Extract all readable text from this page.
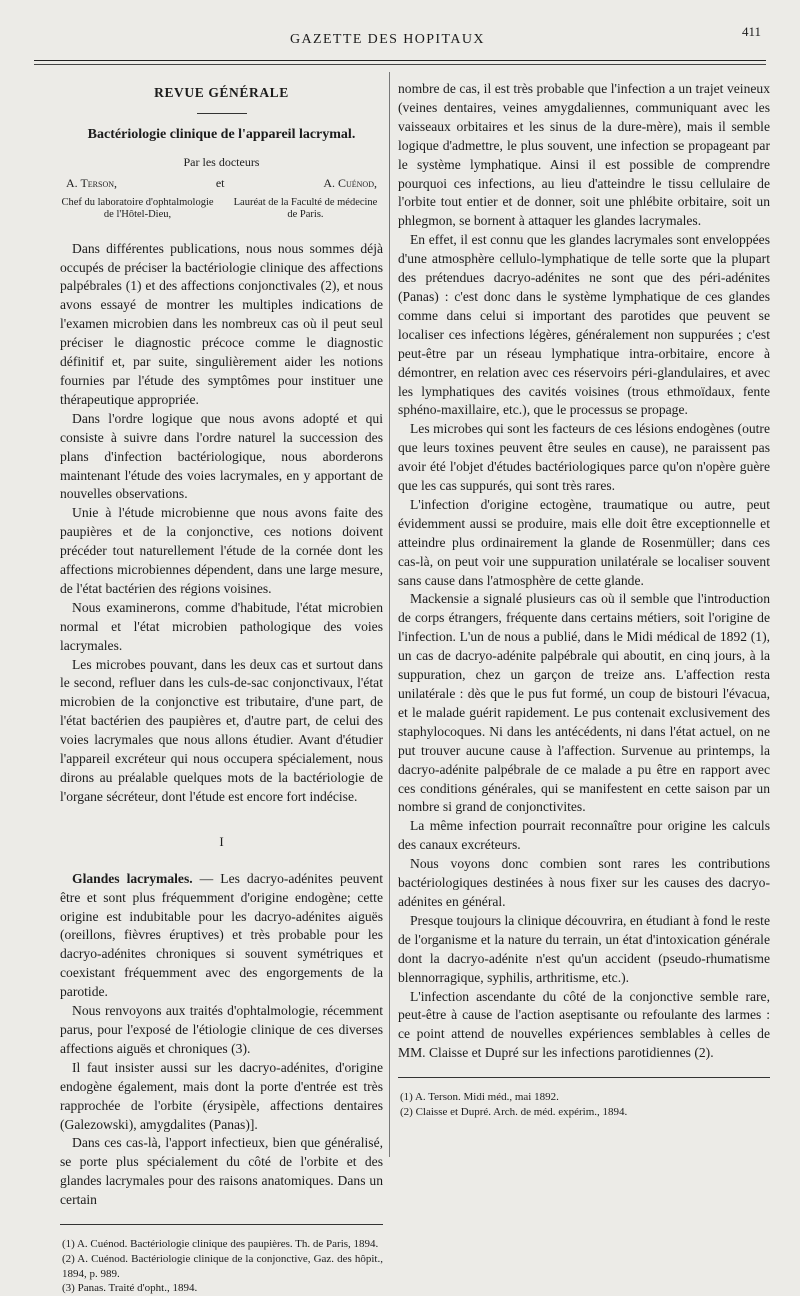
GAZETTE DES HOPITAUX
411
REVUE GÉNÉRALE
Bactériologie clinique de l'appareil lacrymal.
Par les docteurs
A. Terson,	et	A. Cuénod,
Chef du laboratoire d'ophtalmologie de l'Hôtel-Dieu,
Lauréat de la Faculté de médecine de Paris.

Dans différentes publications, nous nous sommes déjà occupés de préciser la bactériologie clinique des affections palpébrales (1) et des affections conjonctivales (2), et nous avons essayé de montrer les multiples indications de l'examen microbien dans les nombreux cas où il peut seul préciser le diagnostic précoce comme le diagnostic définitif et, par suite, singulièrement aider les notions fournies par l'étude des symptômes pour instituer une thérapeutique appropriée.

Dans l'ordre logique que nous avons adopté et qui consiste à suivre dans l'ordre naturel la succession des plans d'infection bactériologique, nous aborderons maintenant l'étude des voies lacrymales, en y apportant de nouvelles observations.

Unie à l'étude microbienne que nous avons faite des paupières et de la conjonctive, ces notions doivent précéder tout naturellement l'étude de la cornée dont les affections microbiennes dépendent, dans une large mesure, de l'état bactérien des régions voisines.

Nous examinerons, comme d'habitude, l'état microbien normal et l'état microbien pathologique des voies lacrymales.

Les microbes pouvant, dans les deux cas et surtout dans le second, refluer dans les culs-de-sac conjonctivaux, l'état microbien de la conjonctive est tributaire, d'une part, de l'état bactérien des paupières et, d'autre part, de celui des voies lacrymales que nous allons étudier. Avant d'étudier l'appareil excréteur qui nous occupera spécialement, nous dirons au préalable quelques mots de la bactériologie de l'organe sécréteur, dont l'étude est encore fort indécise.

I

Glandes lacrymales. — Les dacryo-adénites peuvent être et sont plus fréquemment d'origine endogène; cette origine est indubitable pour les dacryo-adénites aiguës (oreillons, fièvres éruptives) et très probable pour les dacryo-adénites chroniques si souvent symétriques et coexistant fréquemment avec des engorgements de la parotide.

Nous renvoyons aux traités d'ophtalmologie, récemment parus, pour l'exposé de l'étiologie clinique de ces diverses affections aiguës et chroniques (3).

Il faut insister aussi sur les dacryo-adénites, d'origine endogène également, mais dont la porte d'entrée est très rapprochée de l'orbite (érysipèle, affections dentaires (Galezowski), amygdalites (Panas)].

Dans ces cas-là, l'apport infectieux, bien que généralisé, se porte plus spécialement du côté de l'orbite et des glandes lacrymales pour des raisons anatomiques. Dans un certain

(1) A. Cuénod. Bactériologie clinique des paupières. Th. de Paris, 1894.

(2) A. Cuénod. Bactériologie clinique de la conjonctive, Gaz. des hôpit., 1894, p. 989.

(3) Panas. Traité d'opht., 1894.

nombre de cas, il est très probable que l'infection a un trajet veineux (veines dentaires, veines amygdaliennes, communiquant avec les vaisseaux orbitaires et les sinus de la dure-mère), mais il semble logique d'admettre, le plus souvent, une infection se propageant par le système lymphatique. Ainsi il est possible de comprendre pourquoi ces infections, au lieu d'atteindre le tissu cellulaire de l'orbite tout entier et de donner, soit une phlébite orbitaire, soit un phlegmon, se bornent à attaquer les glandes lacrymales.

En effet, il est connu que les glandes lacrymales sont enveloppées d'une atmosphère cellulo-lymphatique de telle sorte que la plupart des prétendues dacryo-adénites ne sont que des péri-adénites (Panas) : c'est donc dans le système lymphatique de ces glandes comme dans celui si important des parotides que peuvent se localiser ces infections légères, généralement non suppurées ; c'est peut-être par un réseau lymphatique intra-orbitaire, encore à démontrer, en relation avec ces réservoirs péri-glandulaires, et avec les lymphatiques des cavités voisines (trous ethmoïdaux, fente sphéno-maxillaire, etc.), que le processus se propage.

Les microbes qui sont les facteurs de ces lésions endogènes (outre que leurs toxines peuvent être seules en cause), ne paraissent pas avoir été l'objet d'études bactériologiques parce qu'on n'opère guère que les cas suppurés, qui sont très rares.

L'infection d'origine ectogène, traumatique ou autre, peut évidemment aussi se produire, mais elle doit être exceptionnelle et atteindre plus ordinairement la glande de Rosenmüller; dans ces cas-là, on peut voir une suppuration unilatérale se localiser souvent sans cause dans l'atmosphère de cette glande.

Mackensie a signalé plusieurs cas où il semble que l'introduction de corps étrangers, fréquente dans certains métiers, soit l'origine de l'infection. L'un de nous a publié, dans le Midi médical de 1892 (1), un cas de dacryo-adénite palpébrale qui aboutit, en cinq jours, à la suppuration, chez un garçon de treize ans. L'affection resta unilatérale : dès que le pus fut formé, un coup de bistouri l'évacua, et le malade guérit rapidement. Le pus contenait exclusivement des staphylocoques. Ni dans les antécédents, ni dans l'état actuel, on ne put trouver aucune cause à l'affection. Survenue au printemps, la dacryo-adénite palpébrale de ce malade a pu être en rapport avec ces conditions générales, qui se manifestent en cette saison par un nombre si grand de conjonctivites.

La même infection pourrait reconnaître pour origine les calculs des canaux excréteurs.

Nous voyons donc combien sont rares les contributions bactériologiques destinées à nous fixer sur les causes des dacryo-adénites en général.

Presque toujours la clinique découvrira, en étudiant à fond le reste de l'organisme et la nature du terrain, un état d'intoxication générale dont la dacryo-adénite n'est qu'un accident (pseudo-rhumatisme blennorragique, syphilis, arthritisme, etc.).

L'infection ascendante du côté de la conjonctive semble rare, peut-être à cause de l'action aseptisante ou refoulante des larmes : ce point attend de nouvelles expériences semblables à celles de MM. Claisse et Dupré sur les infections parotidiennes (2).

(1) A. Terson. Midi méd., mai 1892.

(2) Claisse et Dupré. Arch. de méd. expérim., 1894.
